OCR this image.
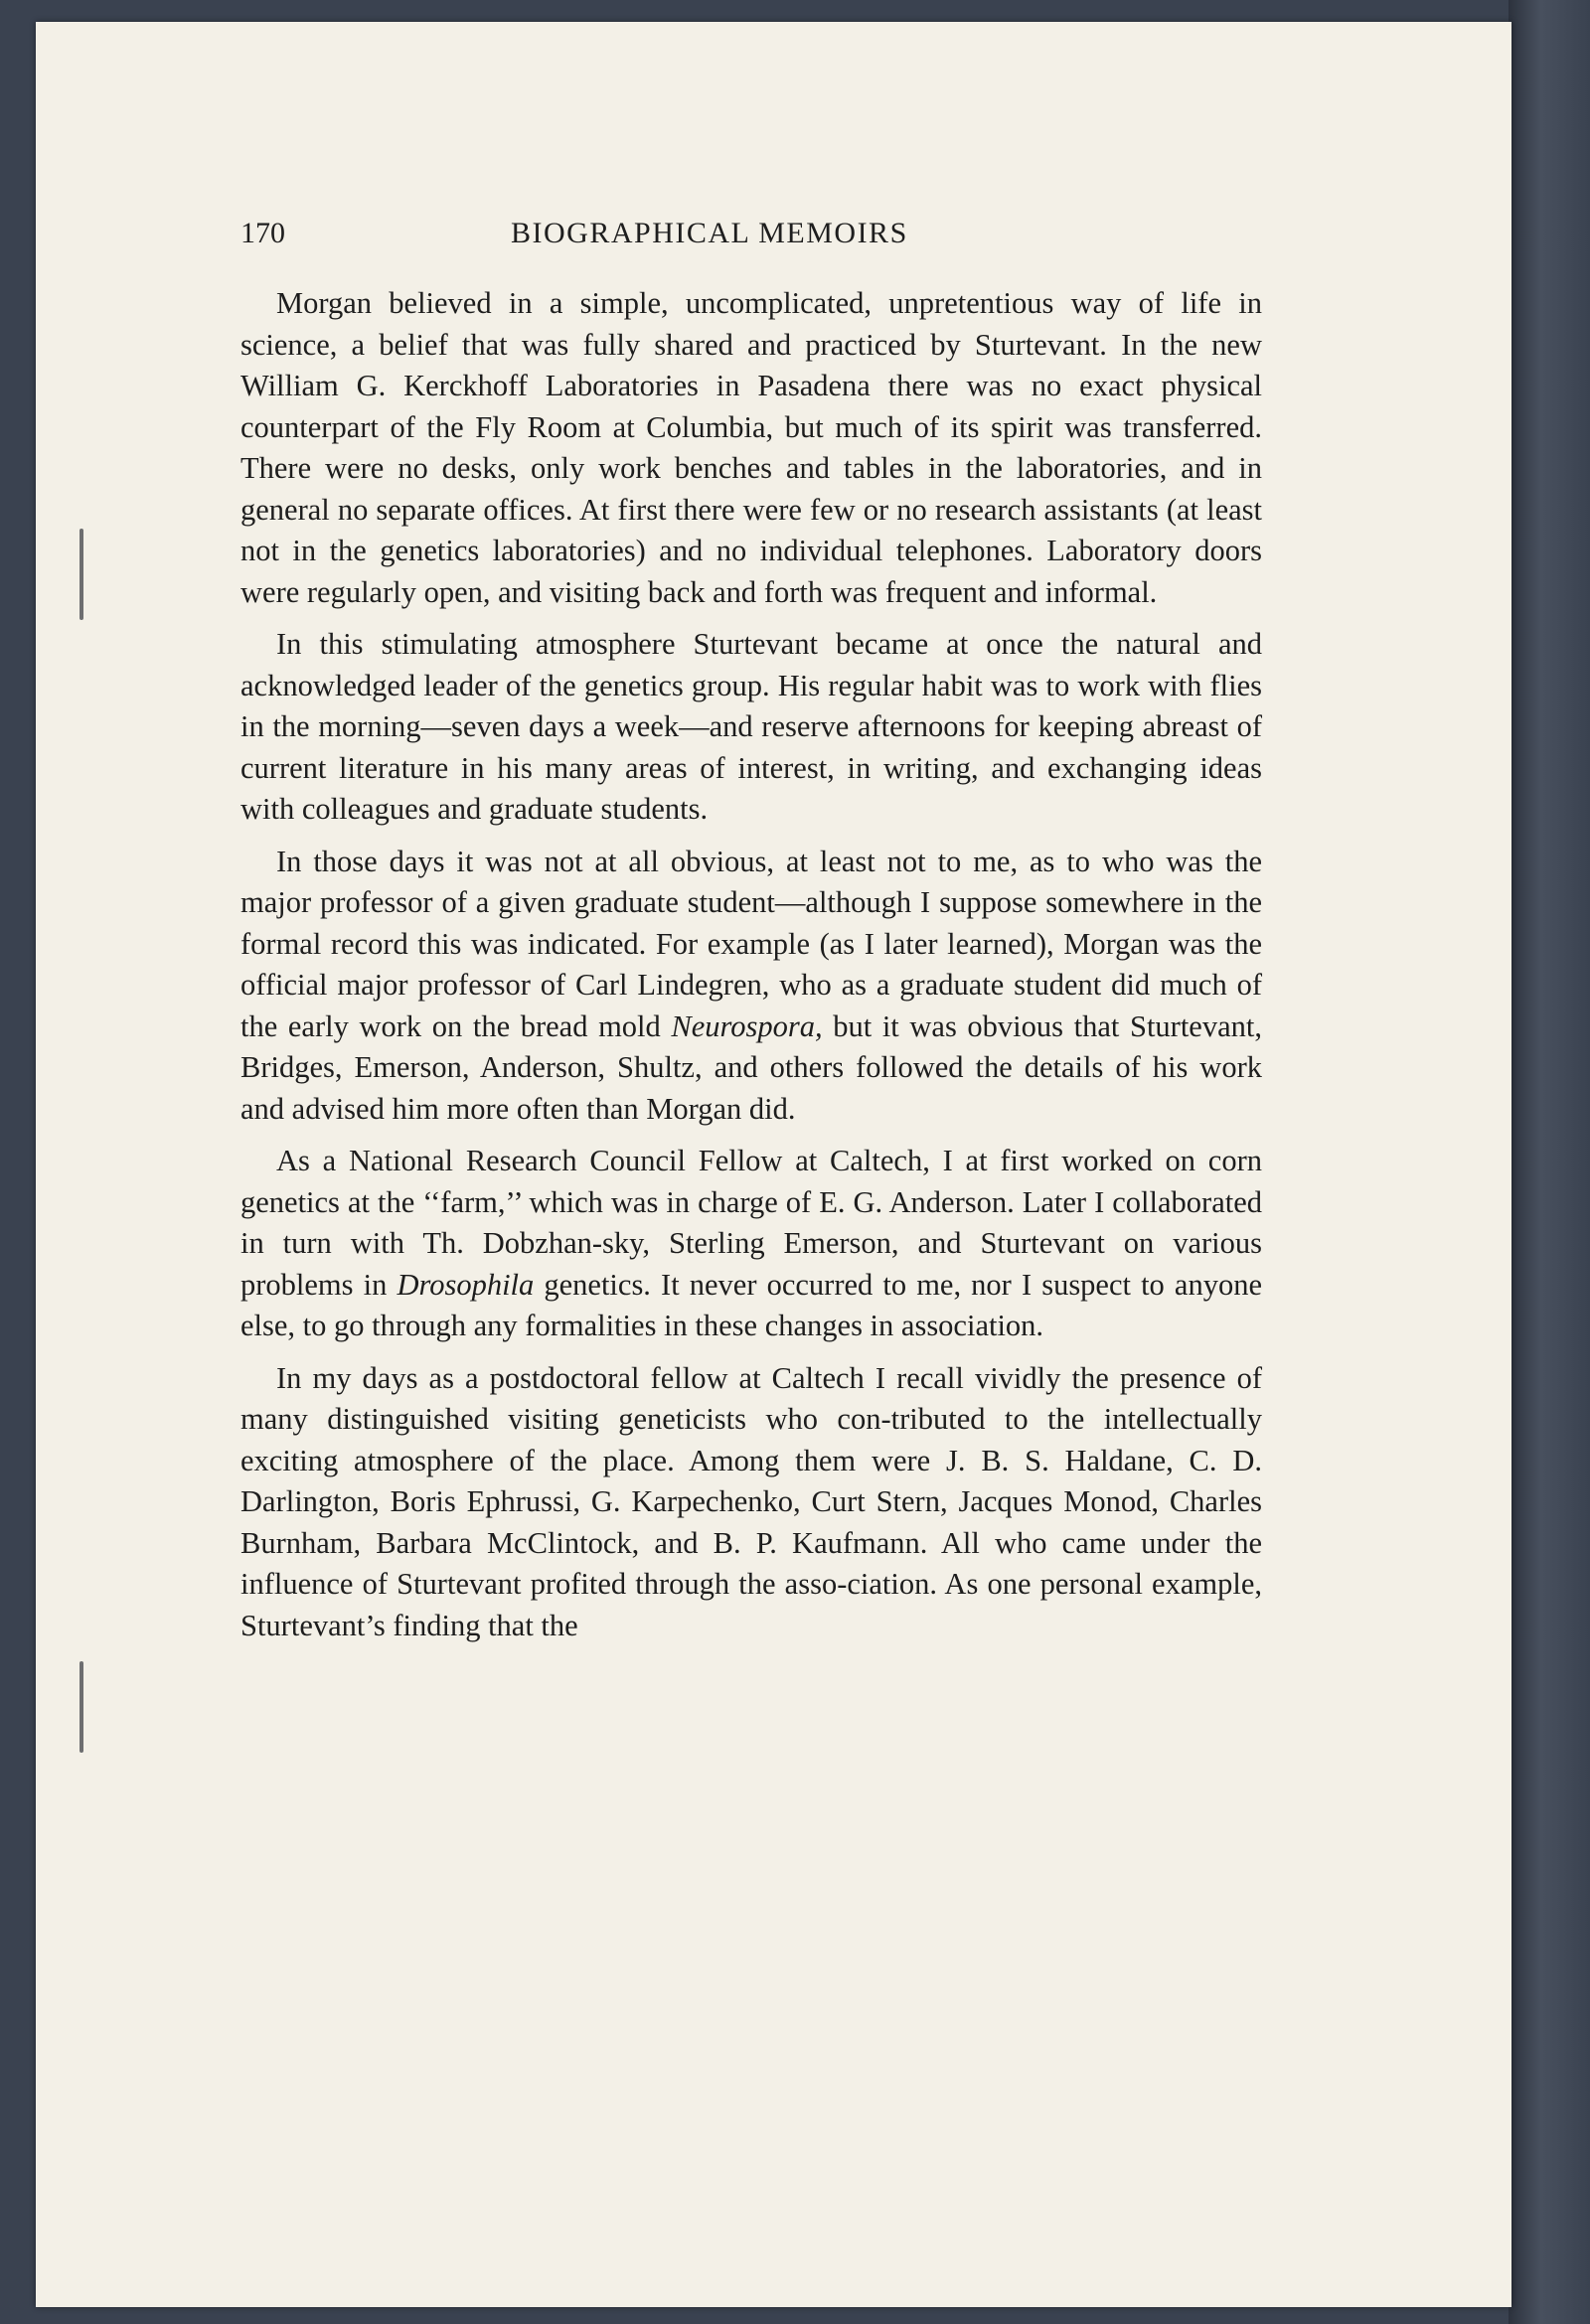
170	BIOGRAPHICAL MEMOIRS

Morgan believed in a simple, uncomplicated, unpretentious way of life in science, a belief that was fully shared and practiced by Sturtevant. In the new William G. Kerckhoff Laboratories in Pasadena there was no exact physical counterpart of the Fly Room at Columbia, but much of its spirit was transferred. There were no desks, only work benches and tables in the laboratories, and in general no separate offices. At first there were few or no research assistants (at least not in the genetics laboratories) and no individual telephones. Laboratory doors were regularly open, and visiting back and forth was frequent and informal.

In this stimulating atmosphere Sturtevant became at once the natural and acknowledged leader of the genetics group. His regular habit was to work with flies in the morning—seven days a week—and reserve afternoons for keeping abreast of current literature in his many areas of interest, in writing, and exchanging ideas with colleagues and graduate students.

In those days it was not at all obvious, at least not to me, as to who was the major professor of a given graduate student—although I suppose somewhere in the formal record this was indicated. For example (as I later learned), Morgan was the official major professor of Carl Lindegren, who as a graduate student did much of the early work on the bread mold Neurospora, but it was obvious that Sturtevant, Bridges, Emerson, Anderson, Shultz, and others followed the details of his work and advised him more often than Morgan did.

As a National Research Council Fellow at Caltech, I at first worked on corn genetics at the ‘‘farm,’’ which was in charge of E. G. Anderson. Later I collaborated in turn with Th. Dobzhan-sky, Sterling Emerson, and Sturtevant on various problems in Drosophila genetics. It never occurred to me, nor I suspect to anyone else, to go through any formalities in these changes in association.

In my days as a postdoctoral fellow at Caltech I recall vividly the presence of many distinguished visiting geneticists who con-tributed to the intellectually exciting atmosphere of the place. Among them were J. B. S. Haldane, C. D. Darlington, Boris Ephrussi, G. Karpechenko, Curt Stern, Jacques Monod, Charles Burnham, Barbara McClintock, and B. P. Kaufmann. All who came under the influence of Sturtevant profited through the asso-ciation. As one personal example, Sturtevant’s finding that the
